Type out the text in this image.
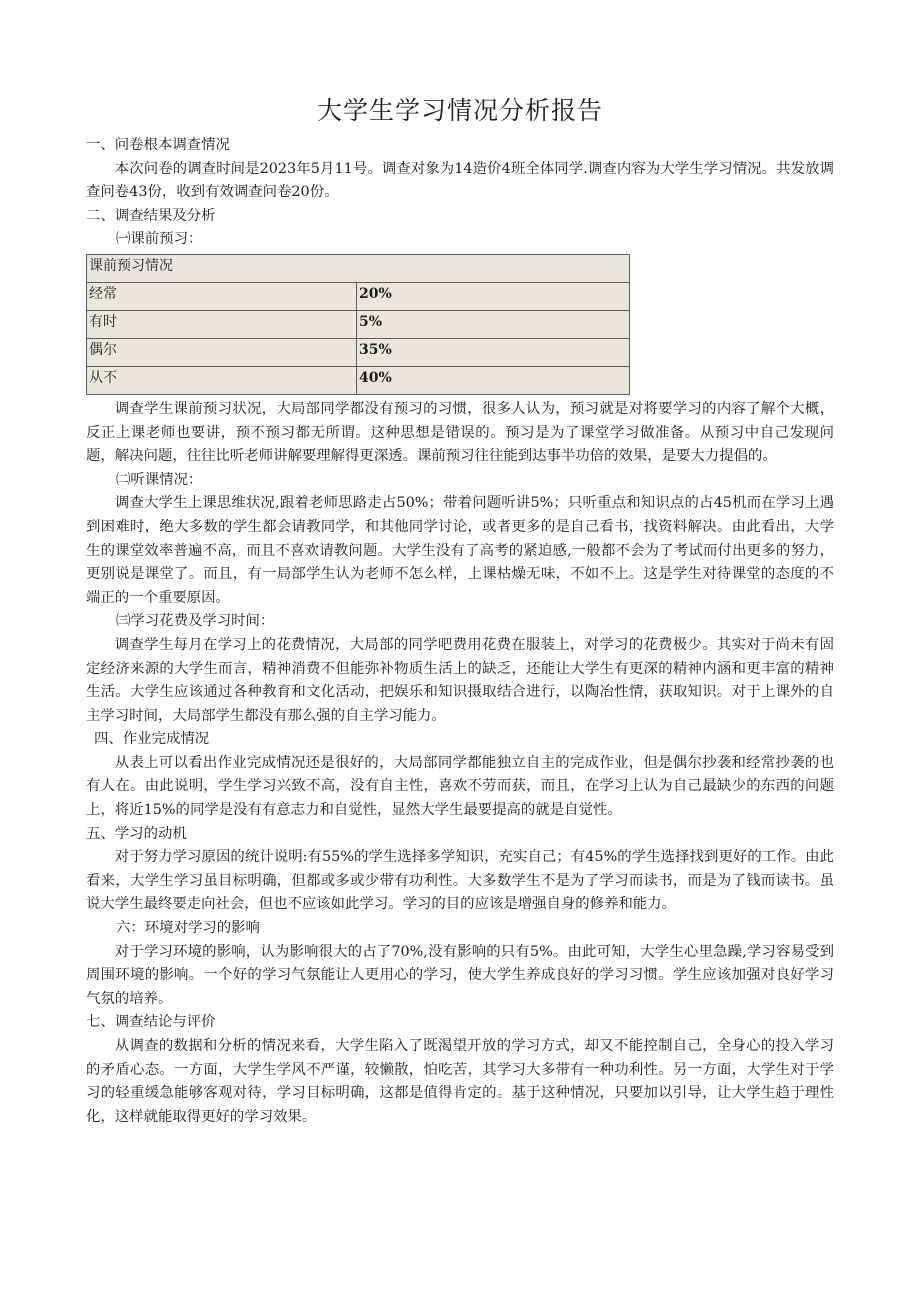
大学生学习情况分析报告
一、问卷根本调查情况

本次问卷的调查时间是2023年5月11号。调查对象为14造价4班全体同学.调查内容为大学生学习情况。共发放调查问卷43份，收到有效调查问卷20份。

二、调查结果及分析
㈠课前预习：
课前预习情况	
经常	20%
有时	5%
偶尔	35%
从不	40%

调查学生课前预习状况，大局部同学都没有预习的习惯，很多人认为，预习就是对将要学习的内容了解个大概，反正上课老师也要讲，预不预习都无所谓。这种思想是错误的。预习是为了课堂学习做准备。从预习中自己发现问题，解决问题，往往比听老师讲解要理解得更深透。课前预习往往能到达事半功倍的效果，是要大力提倡的。

㈡听课情况：

调查大学生上课思维状况,跟着老师思路走占50%；带着问题听讲5%；只听重点和知识点的占45机而在学习上遇到困难时，绝大多数的学生都会请教同学，和其他同学讨论，或者更多的是自己看书，找资料解决。由此看出，大学生的课堂效率普遍不高，而且不喜欢请教问题。大学生没有了高考的紧迫感,一般都不会为了考试而付出更多的努力，更别说是课堂了。而且，有一局部学生认为老师不怎么样，上课枯燥无味，不如不上。这是学生对待课堂的态度的不端正的一个重要原因。

㈢学习花费及学习时间：

调查学生每月在学习上的花费情况，大局部的同学吧费用花费在服装上，对学习的花费极少。其实对于尚未有固定经济来源的大学生而言，精神消费不但能弥补物质生活上的缺乏，还能让大学生有更深的精神内涵和更丰富的精神生活。大学生应该通过各种教育和文化活动，把娱乐和知识摄取结合进行，以陶冶性情，获取知识。对于上课外的自主学习时间，大局部学生都没有那么强的自主学习能力。

四、作业完成情况

从表上可以看出作业完成情况还是很好的，大局部同学都能独立自主的完成作业，但是偶尔抄袭和经常抄袭的也有人在。由此说明，学生学习兴致不高，没有自主性，喜欢不劳而获，而且，在学习上认为自己最缺少的东西的问题上，将近15%的同学是没有有意志力和自觉性，显然大学生最要提高的就是自觉性。

五、学习的动机

对于努力学习原因的统计说明:有55%的学生选择多学知识，充实自己；有45%的学生选择找到更好的工作。由此看来，大学生学习虽目标明确，但都或多或少带有功利性。大多数学生不是为了学习而读书，而是为了钱而读书。虽说大学生最终要走向社会，但也不应该如此学习。学习的目的应该是增强自身的修养和能力。

六：环境对学习的影响

对于学习环境的影响，认为影响很大的占了70%,没有影响的只有5%。由此可知，大学生心里急躁,学习容易受到周围环境的影响。一个好的学习气氛能让人更用心的学习，使大学生养成良好的学习习惯。学生应该加强对良好学习气氛的培养。

七、调查结论与评价

从调查的数据和分析的情况来看，大学生陷入了既渴望开放的学习方式，却又不能控制自己，全身心的投入学习的矛盾心态。一方面，大学生学风不严谨，较懒散，怕吃苦，其学习大多带有一种功利性。另一方面，大学生对于学习的轻重缓急能够客观对待，学习目标明确，这都是值得肯定的。基于这种情况，只要加以引导，让大学生趋于理性化，这样就能取得更好的学习效果。
